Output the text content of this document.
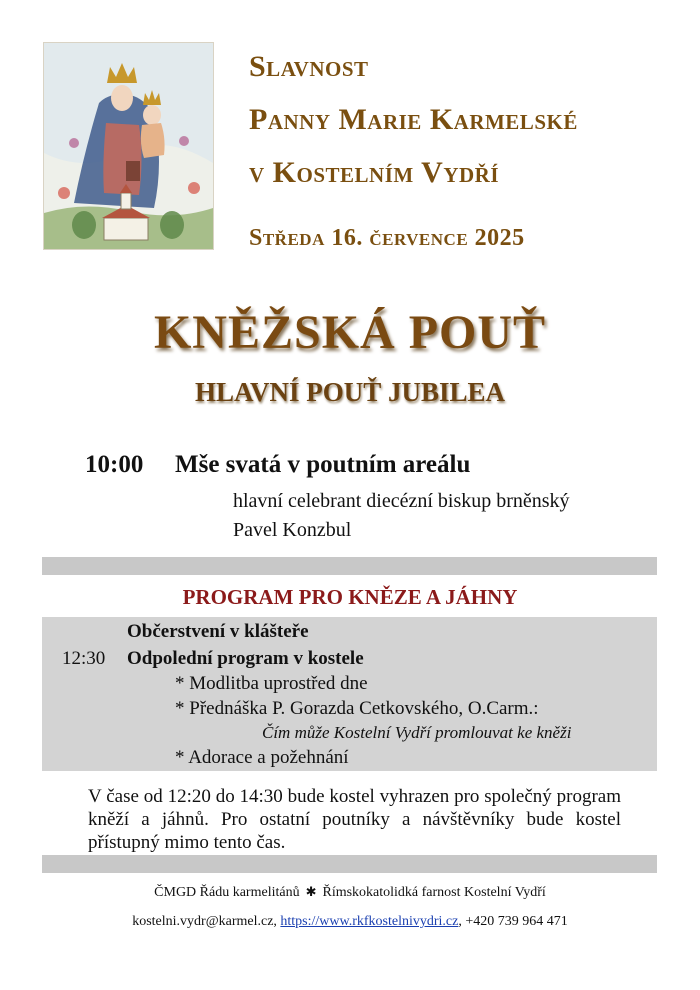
Slavnost
Panny Marie Karmelské
v Kostelním Vydří
Středa 16. července 2025
KNĚŽSKÁ POUŤ
HLAVNÍ POUŤ JUBILEA
10:00 Mše svatá v poutním areálu
hlavní celebrant diecézní biskup brněnský
Pavel Konzbul
PROGRAM PRO KNĚZE A JÁHNY
12:30
Občerstvení v klášteře
Odpolední program v kostele
* Modlitba uprostřed dne
* Přednáška P. Gorazda Cetkovského, O.Carm.:
Čím může Kostelní Vydří promlouvat ke kněži
* Adorace a požehnání
V čase od 12:20 do 14:30 bude kostel vyhrazen pro společný program kněží a jáhnů. Pro ostatní poutníky a návštěvníky bude kostel přístupný mimo tento čas.
ČMGD Řádu karmelitánů ✱ Římskokatolidká farnost Kostelní Vydří
kostelni.vydr@karmel.cz, https://www.rkfkostelnivydri.cz, +420 739 964 471
